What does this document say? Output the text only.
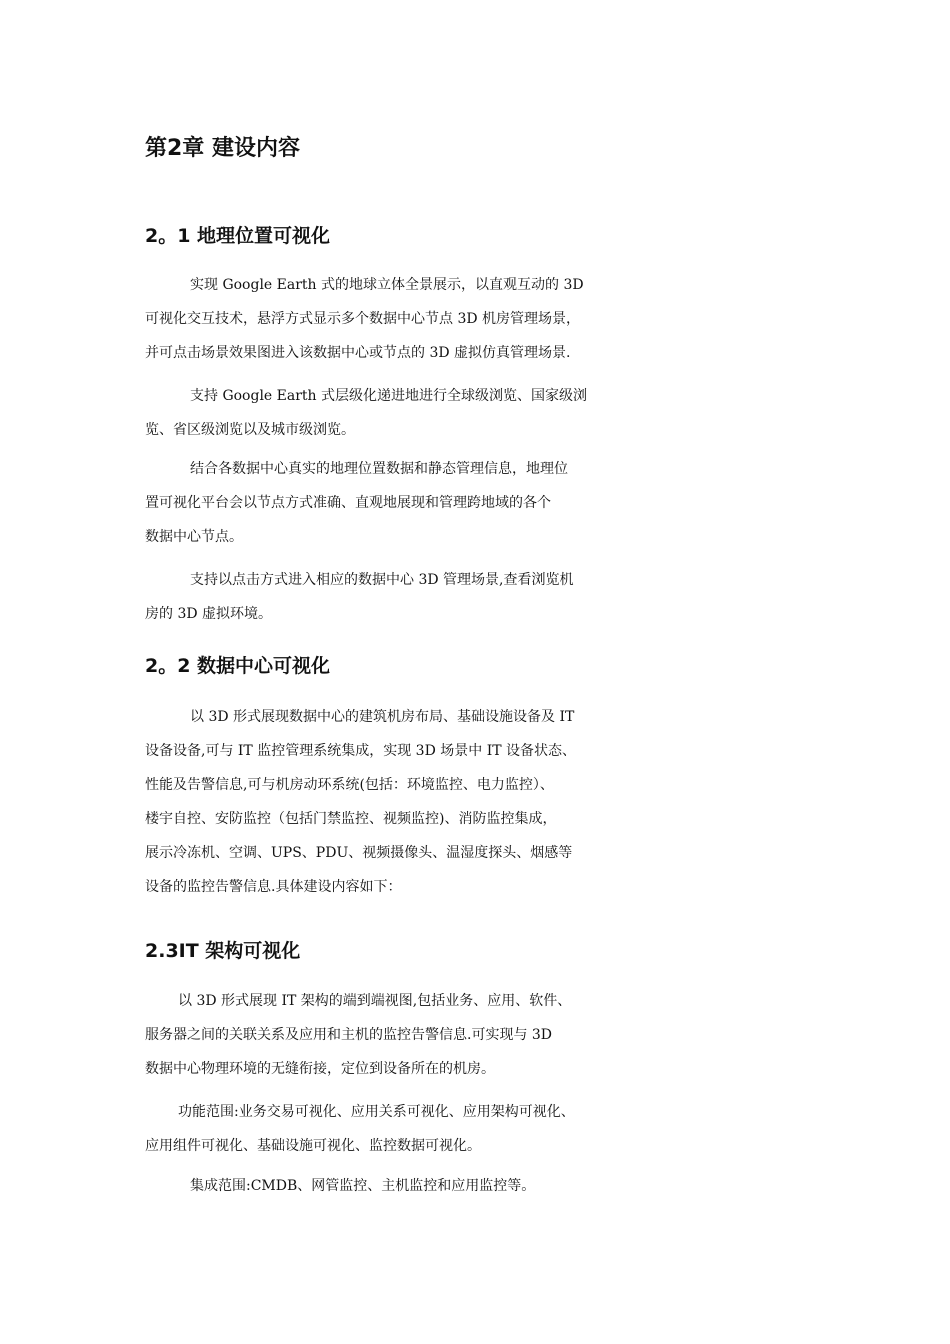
第2章 建设内容
2。1 地理位置可视化
实现 Google Earth 式的地球立体全景展示，以直观互动的 3D
可视化交互技术，悬浮方式显示多个数据中心节点 3D 机房管理场景，
并可点击场景效果图进入该数据中心或节点的 3D 虚拟仿真管理场景.
支持 Google Earth 式层级化递进地进行全球级浏览、国家级浏
览、省区级浏览以及城市级浏览。
结合各数据中心真实的地理位置数据和静态管理信息，地理位
置可视化平台会以节点方式准确、直观地展现和管理跨地域的各个
数据中心节点。
支持以点击方式进入相应的数据中心 3D 管理场景,查看浏览机
房的 3D 虚拟环境。
2。2 数据中心可视化
以 3D 形式展现数据中心的建筑机房布局、基础设施设备及 IT
设备设备,可与 IT 监控管理系统集成，实现 3D 场景中 IT 设备状态、
性能及告警信息,可与机房动环系统(包括：环境监控、电力监控）、
楼宇自控、安防监控（包括门禁监控、视频监控)、消防监控集成，
展示冷冻机、空调、UPS、PDU、视频摄像头、温湿度探头、烟感等
设备的监控告警信息.具体建设内容如下：
2.3IT 架构可视化
以 3D 形式展现 IT 架构的端到端视图,包括业务、应用、软件、
服务器之间的关联关系及应用和主机的监控告警信息.可实现与 3D
数据中心物理环境的无缝衔接，定位到设备所在的机房。
功能范围:业务交易可视化、应用关系可视化、应用架构可视化、
应用组件可视化、基础设施可视化、监控数据可视化。
集成范围:CMDB、网管监控、主机监控和应用监控等。
